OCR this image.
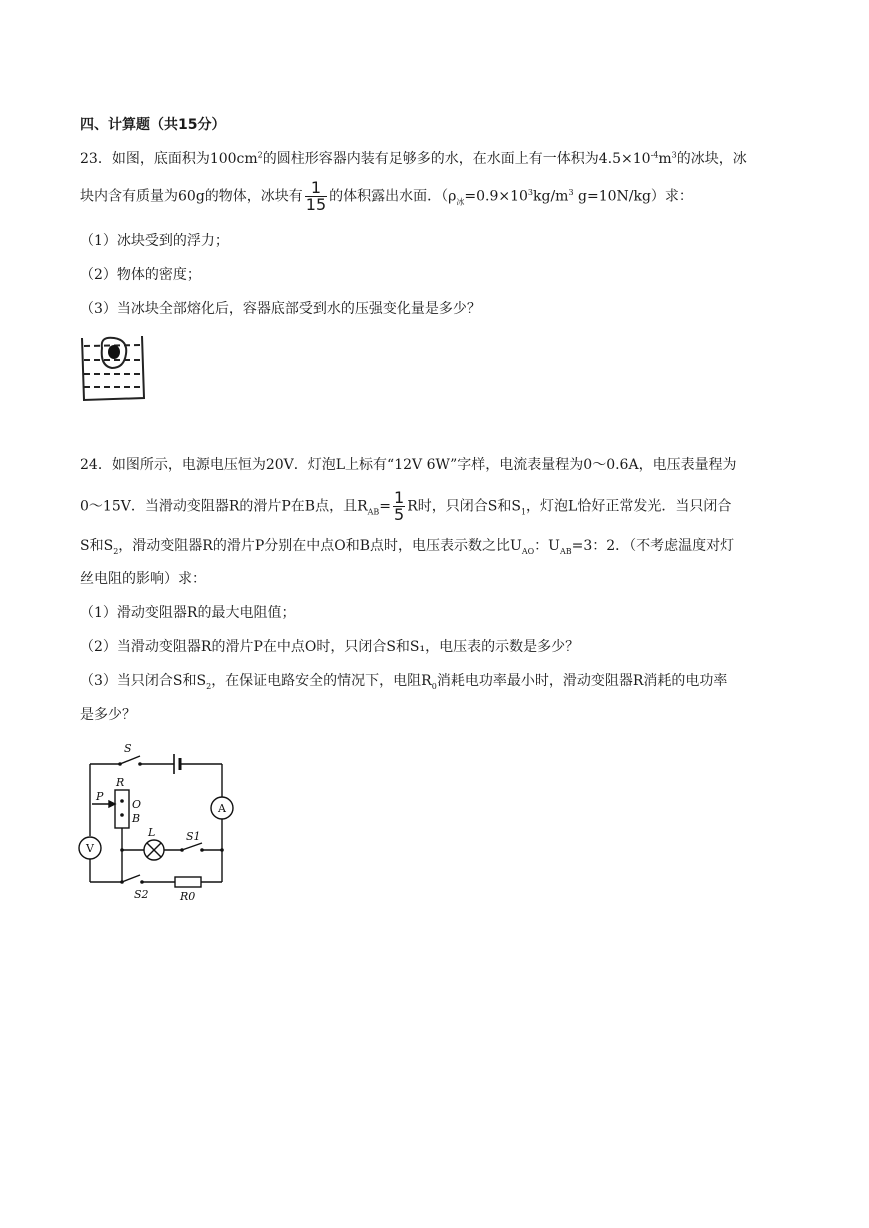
四、计算题（共15分）
23．如图，底面积为$100cm^2$的圆柱形容器内装有足够多的水，在水面上有一体积为$4.5\times 10^{-4}m^3$的冰块，冰
块内含有质量为60g的物体，冰块有 $\frac{1}{15}$ 的体积露出水面．（$\rho_冰=0.9\times 10^3kg/m^3$ g=10N/kg）求：
（1）冰块受到的浮力；
（2）物体的密度；
（3）当冰块全部熔化后，容器底部受到水的压强变化量是多少？
24．如图所示，电源电压恒为20V．灯泡L上标有“12V 6W”字样，电流表量程为0～0.6A，电压表量程为
0～15V．当滑动变阻器R的滑片P在B点，且$R_{AB}= \frac{1}{5}$ R时，只闭合S和$S_1$，灯泡L恰好正常发光．当只闭合
S和$S_2$，滑动变阻器R的滑片P分别在中点O和B点时，电压表示数之比$U_{AO}$：$U_{AB}=3$：2．（不考虑温度对灯
丝电阻的影响）求：
（1）滑动变阻器R的最大电阻值；
（2）当滑动变阻器R的滑片P在中点O时，只闭合S和S₁，电压表的示数是多少？
（3）当只闭合S和$S_2$，在保证电路安全的情况下，电阻$R_0$消耗电功率最小时，滑动变阻器R消耗的电功率
是多少？
S
R
P
O
B
L	S1
S2	R0
A
V
